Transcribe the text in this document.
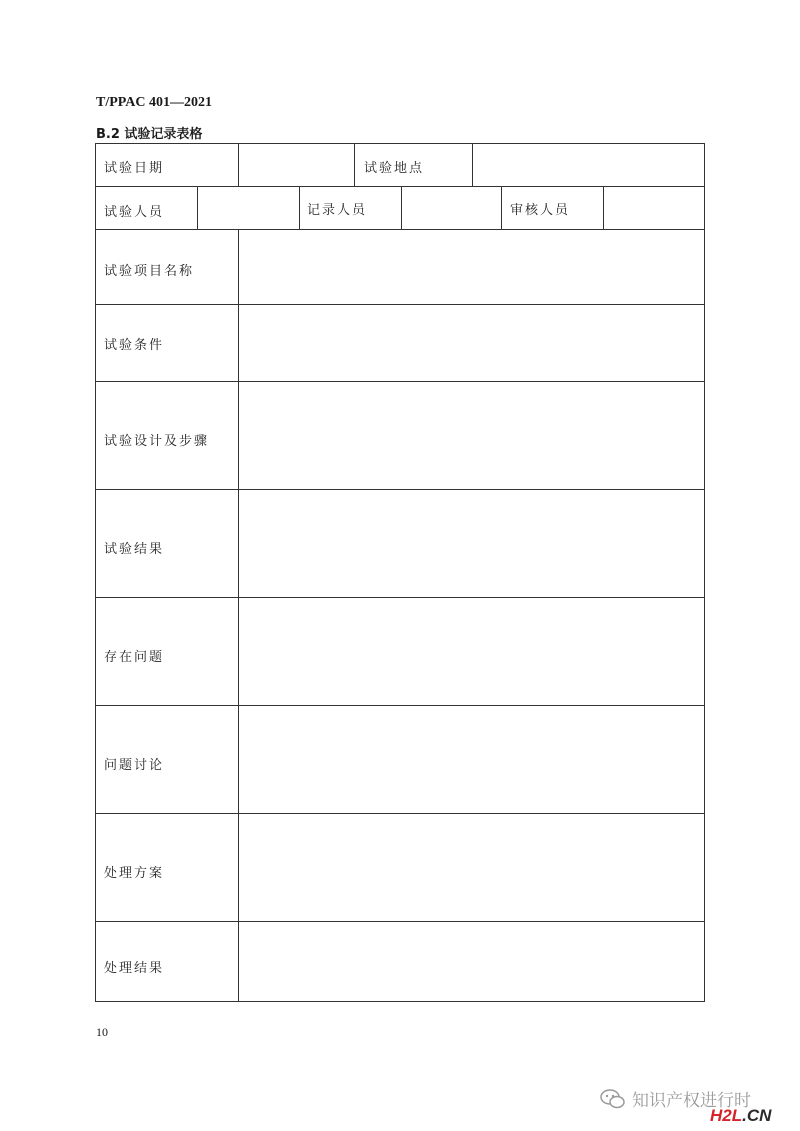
T/PPAC 401—2021
B.2 试验记录表格
试验日期	试验地点
试验人员	记录人员	审核人员
试验项目名称
试验条件
试验设计及步骤
试验结果
存在问题
问题讨论
处理方案
处理结果
10
知识产权进行时
H2L.CN
